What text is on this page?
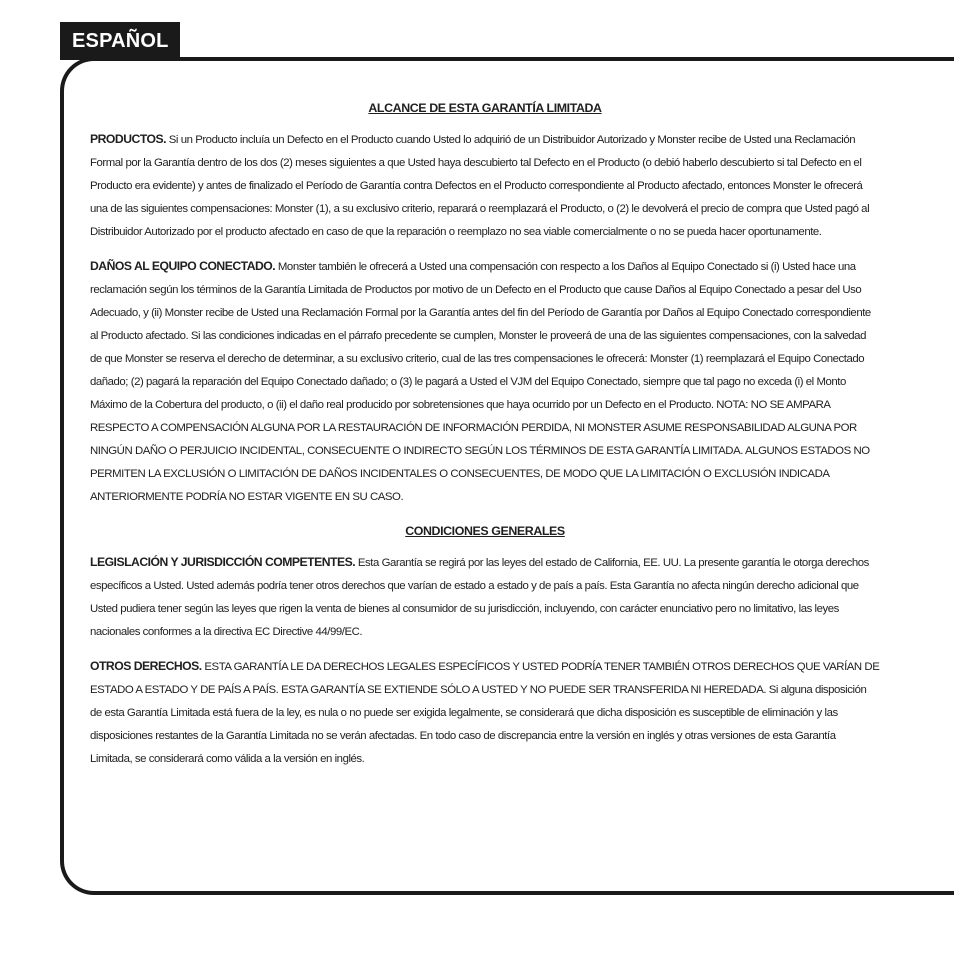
ESPAÑOL

ALCANCE DE ESTA GARANTÍA LIMITADA

PRODUCTOS. Si un Producto incluía un Defecto en el Producto cuando Usted lo adquirió de un Distribuidor Autorizado y Monster recibe de Usted una Reclamación Formal por la Garantía dentro de los dos (2) meses siguientes a que Usted haya descubierto tal Defecto en el Producto (o debió haberlo descubierto si tal Defecto en el Producto era evidente) y antes de finalizado el Período de Garantía contra Defectos en el Producto correspondiente al Producto afectado, entonces Monster le ofrecerá una de las siguientes compensaciones: Monster (1), a su exclusivo criterio, reparará o reemplazará el Producto, o (2) le devolverá el precio de compra que Usted pagó al Distribuidor Autorizado por el producto afectado en caso de que la reparación o reemplazo no sea viable comercialmente o no se pueda hacer oportunamente.

DAÑOS AL EQUIPO CONECTADO. Monster también le ofrecerá a Usted una compensación con respecto a los Daños al Equipo Conectado si (i) Usted hace una reclamación según los términos de la Garantía Limitada de Productos por motivo de un Defecto en el Producto que cause Daños al Equipo Conectado a pesar del Uso Adecuado, y (ii) Monster recibe de Usted una Reclamación Formal por la Garantía antes del fin del Período de Garantía por Daños al Equipo Conectado correspondiente al Producto afectado. Si las condiciones indicadas en el párrafo precedente se cumplen, Monster le proveerá de una de las siguientes compensaciones, con la salvedad de que Monster se reserva el derecho de determinar, a su exclusivo criterio, cual de las tres compensaciones le ofrecerá: Monster (1) reemplazará el Equipo Conectado dañado; (2) pagará la reparación del Equipo Conectado dañado; o (3) le pagará a Usted el VJM del Equipo Conectado, siempre que tal pago no exceda (i) el Monto Máximo de la Cobertura del producto, o (ii) el daño real producido por sobretensiones que haya ocurrido por un Defecto en el Producto. NOTA: NO SE AMPARA RESPECTO A COMPENSACIÓN ALGUNA POR LA RESTAURACIÓN DE INFORMACIÓN PERDIDA, NI MONSTER ASUME RESPONSABILIDAD ALGUNA POR NINGÚN DAÑO O PERJUICIO INCIDENTAL, CONSECUENTE O INDIRECTO SEGÚN LOS TÉRMINOS DE ESTA GARANTÍA LIMITADA. ALGUNOS ESTADOS NO PERMITEN LA EXCLUSIÓN O LIMITACIÓN DE DAÑOS INCIDENTALES O CONSECUENTES, DE MODO QUE LA LIMITACIÓN O EXCLUSIÓN INDICADA ANTERIORMENTE PODRÍA NO ESTAR VIGENTE EN SU CASO.

CONDICIONES GENERALES

LEGISLACIÓN Y JURISDICCIÓN COMPETENTES. Esta Garantía se regirá por las leyes del estado de California, EE. UU. La presente garantía le otorga derechos específicos a Usted. Usted además podría tener otros derechos que varían de estado a estado y de país a país. Esta Garantía no afecta ningún derecho adicional que Usted pudiera tener según las leyes que rigen la venta de bienes al consumidor de su jurisdicción, incluyendo, con carácter enunciativo pero no limitativo, las leyes nacionales conformes a la directiva EC Directive 44/99/EC.

OTROS DERECHOS. ESTA GARANTÍA LE DA DERECHOS LEGALES ESPECÍFICOS Y USTED PODRÍA TENER TAMBIÉN OTROS DERECHOS QUE VARÍAN DE ESTADO A ESTADO Y DE PAÍS A PAÍS. ESTA GARANTÍA SE EXTIENDE SÓLO A USTED Y NO PUEDE SER TRANSFERIDA NI HEREDADA. Si alguna disposición de esta Garantía Limitada está fuera de la ley, es nula o no puede ser exigida legalmente, se considerará que dicha disposición es susceptible de eliminación y las disposiciones restantes de la Garantía Limitada no se verán afectadas. En todo caso de discrepancia entre la versión en inglés y otras versiones de esta Garantía Limitada, se considerará como válida a la versión en inglés.
